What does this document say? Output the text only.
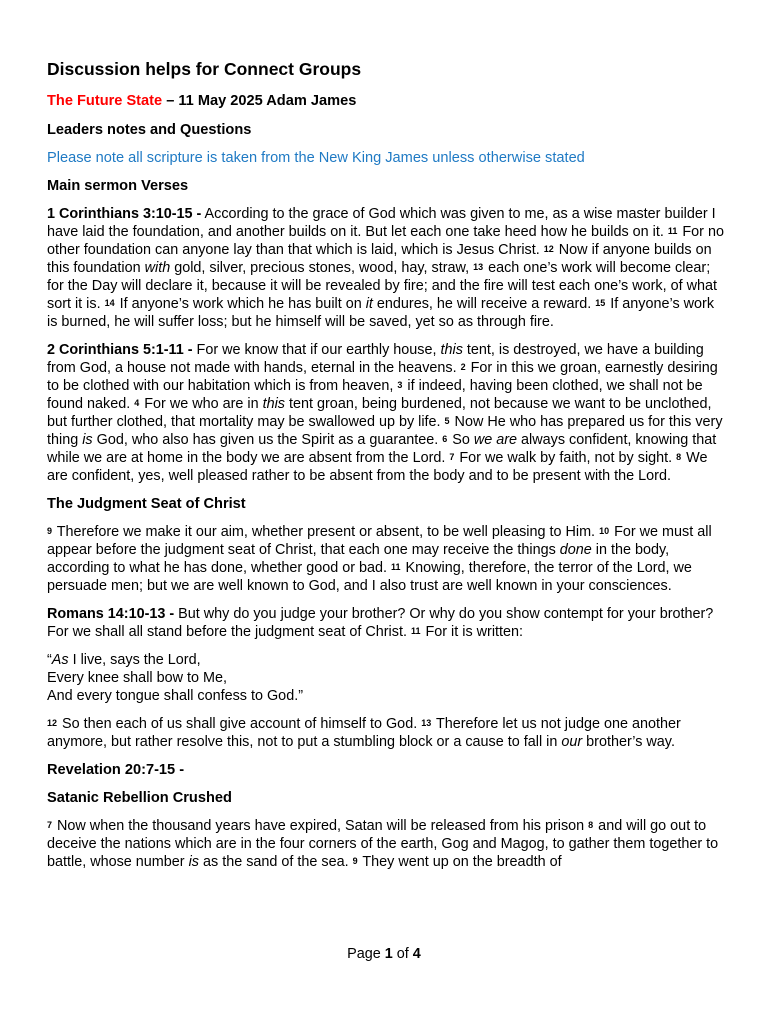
Discussion helps for Connect Groups
The Future State – 11 May 2025 Adam James
Leaders notes and Questions
Please note all scripture is taken from the New King James unless otherwise stated
Main sermon Verses

1 Corinthians 3:10-15 - According to the grace of God which was given to me, as a wise master builder I have laid the foundation, and another builds on it. But let each one take heed how he builds on it. $^{11}$ For no other foundation can anyone lay than that which is laid, which is Jesus Christ. $^{12}$ Now if anyone builds on this foundation with gold, silver, precious stones, wood, hay, straw, $^{13}$ each one’s work will become clear; for the Day will declare it, because it will be revealed by fire; and the fire will test each one’s work, of what sort it is. $^{14}$ If anyone’s work which he has built on it endures, he will receive a reward. $^{15}$ If anyone’s work is burned, he will suffer loss; but he himself will be saved, yet so as through fire.

2 Corinthians 5:1-11 - For we know that if our earthly house, this tent, is destroyed, we have a building from God, a house not made with hands, eternal in the heavens. $^2$ For in this we groan, earnestly desiring to be clothed with our habitation which is from heaven, $^3$ if indeed, having been clothed, we shall not be found naked. $^4$ For we who are in this tent groan, being burdened, not because we want to be unclothed, but further clothed, that mortality may be swallowed up by life. $^5$ Now He who has prepared us for this very thing is God, who also has given us the Spirit as a guarantee. $^6$ So we are always confident, knowing that while we are at home in the body we are absent from the Lord. $^7$ For we walk by faith, not by sight. $^8$ We are confident, yes, well pleased rather to be absent from the body and to be present with the Lord.

The Judgment Seat of Christ

$^9$ Therefore we make it our aim, whether present or absent, to be well pleasing to Him. $^{10}$ For we must all appear before the judgment seat of Christ, that each one may receive the things done in the body, according to what he has done, whether good or bad. $^{11}$ Knowing, therefore, the terror of the Lord, we persuade men; but we are well known to God, and I also trust are well known in your consciences.

Romans 14:10-13 - But why do you judge your brother? Or why do you show contempt for your brother? For we shall all stand before the judgment seat of Christ. $^{11}$ For it is written:

“As I live, says the Lord,
Every knee shall bow to Me,
And every tongue shall confess to God.”

$^{12}$ So then each of us shall give account of himself to God. $^{13}$ Therefore let us not judge one another anymore, but rather resolve this, not to put a stumbling block or a cause to fall in our brother’s way.

Revelation 20:7-15 -
Satanic Rebellion Crushed

$^7$ Now when the thousand years have expired, Satan will be released from his prison $^8$ and will go out to deceive the nations which are in the four corners of the earth, Gog and Magog, to gather them together to battle, whose number is as the sand of the sea. $^9$ They went up on the breadth of

Page 1 of 4
